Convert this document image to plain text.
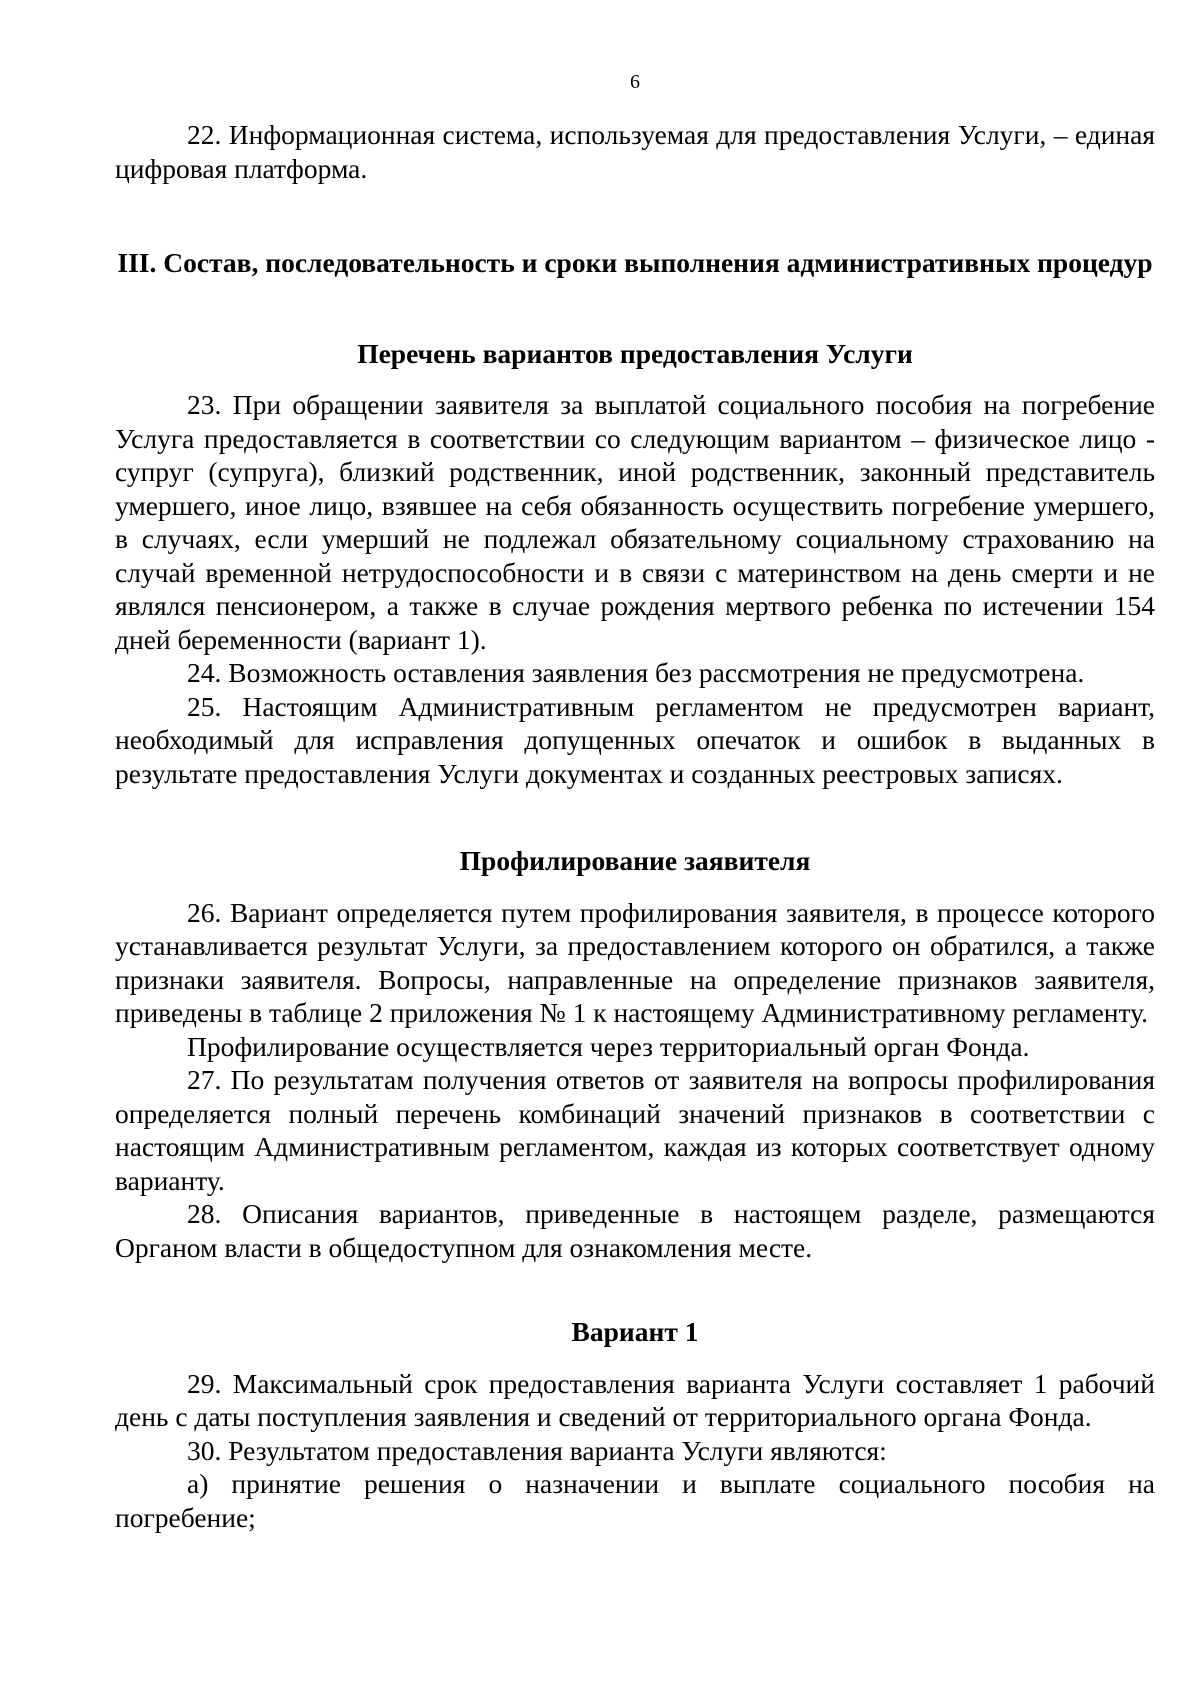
6

22. Информационная система, используемая для предоставления Услуги, – единая цифровая платформа.

III. Состав, последовательность и сроки выполнения административных процедур
Перечень вариантов предоставления Услуги

23. При обращении заявителя за выплатой социального пособия на погребение Услуга предоставляется в соответствии со следующим вариантом – физическое лицо - супруг (супруга), близкий родственник, иной родственник, законный представитель умершего, иное лицо, взявшее на себя обязанность осуществить погребение умершего, в случаях, если умерший не подлежал обязательному социальному страхованию на случай временной нетрудоспособности и в связи с материнством на день смерти и не являлся пенсионером, а также в случае рождения мертвого ребенка по истечении 154 дней беременности (вариант 1).

24. Возможность оставления заявления без рассмотрения не предусмотрена.

25. Настоящим Административным регламентом не предусмотрен вариант, необходимый для исправления допущенных опечаток и ошибок в выданных в результате предоставления Услуги документах и созданных реестровых записях.

Профилирование заявителя

26. Вариант определяется путем профилирования заявителя, в процессе которого устанавливается результат Услуги, за предоставлением которого он обратился, а также признаки заявителя. Вопросы, направленные на определение признаков заявителя, приведены в таблице 2 приложения № 1 к настоящему Административному регламенту.

Профилирование осуществляется через территориальный орган Фонда.

27. По результатам получения ответов от заявителя на вопросы профилирования определяется полный перечень комбинаций значений признаков в соответствии с настоящим Административным регламентом, каждая из которых соответствует одному варианту.

28. Описания вариантов, приведенные в настоящем разделе, размещаются Органом власти в общедоступном для ознакомления месте.

Вариант 1

29. Максимальный срок предоставления варианта Услуги составляет 1 рабочий день с даты поступления заявления и сведений от территориального органа Фонда.

30. Результатом предоставления варианта Услуги являются:

а) принятие решения о назначении и выплате социального пособия на погребение;
